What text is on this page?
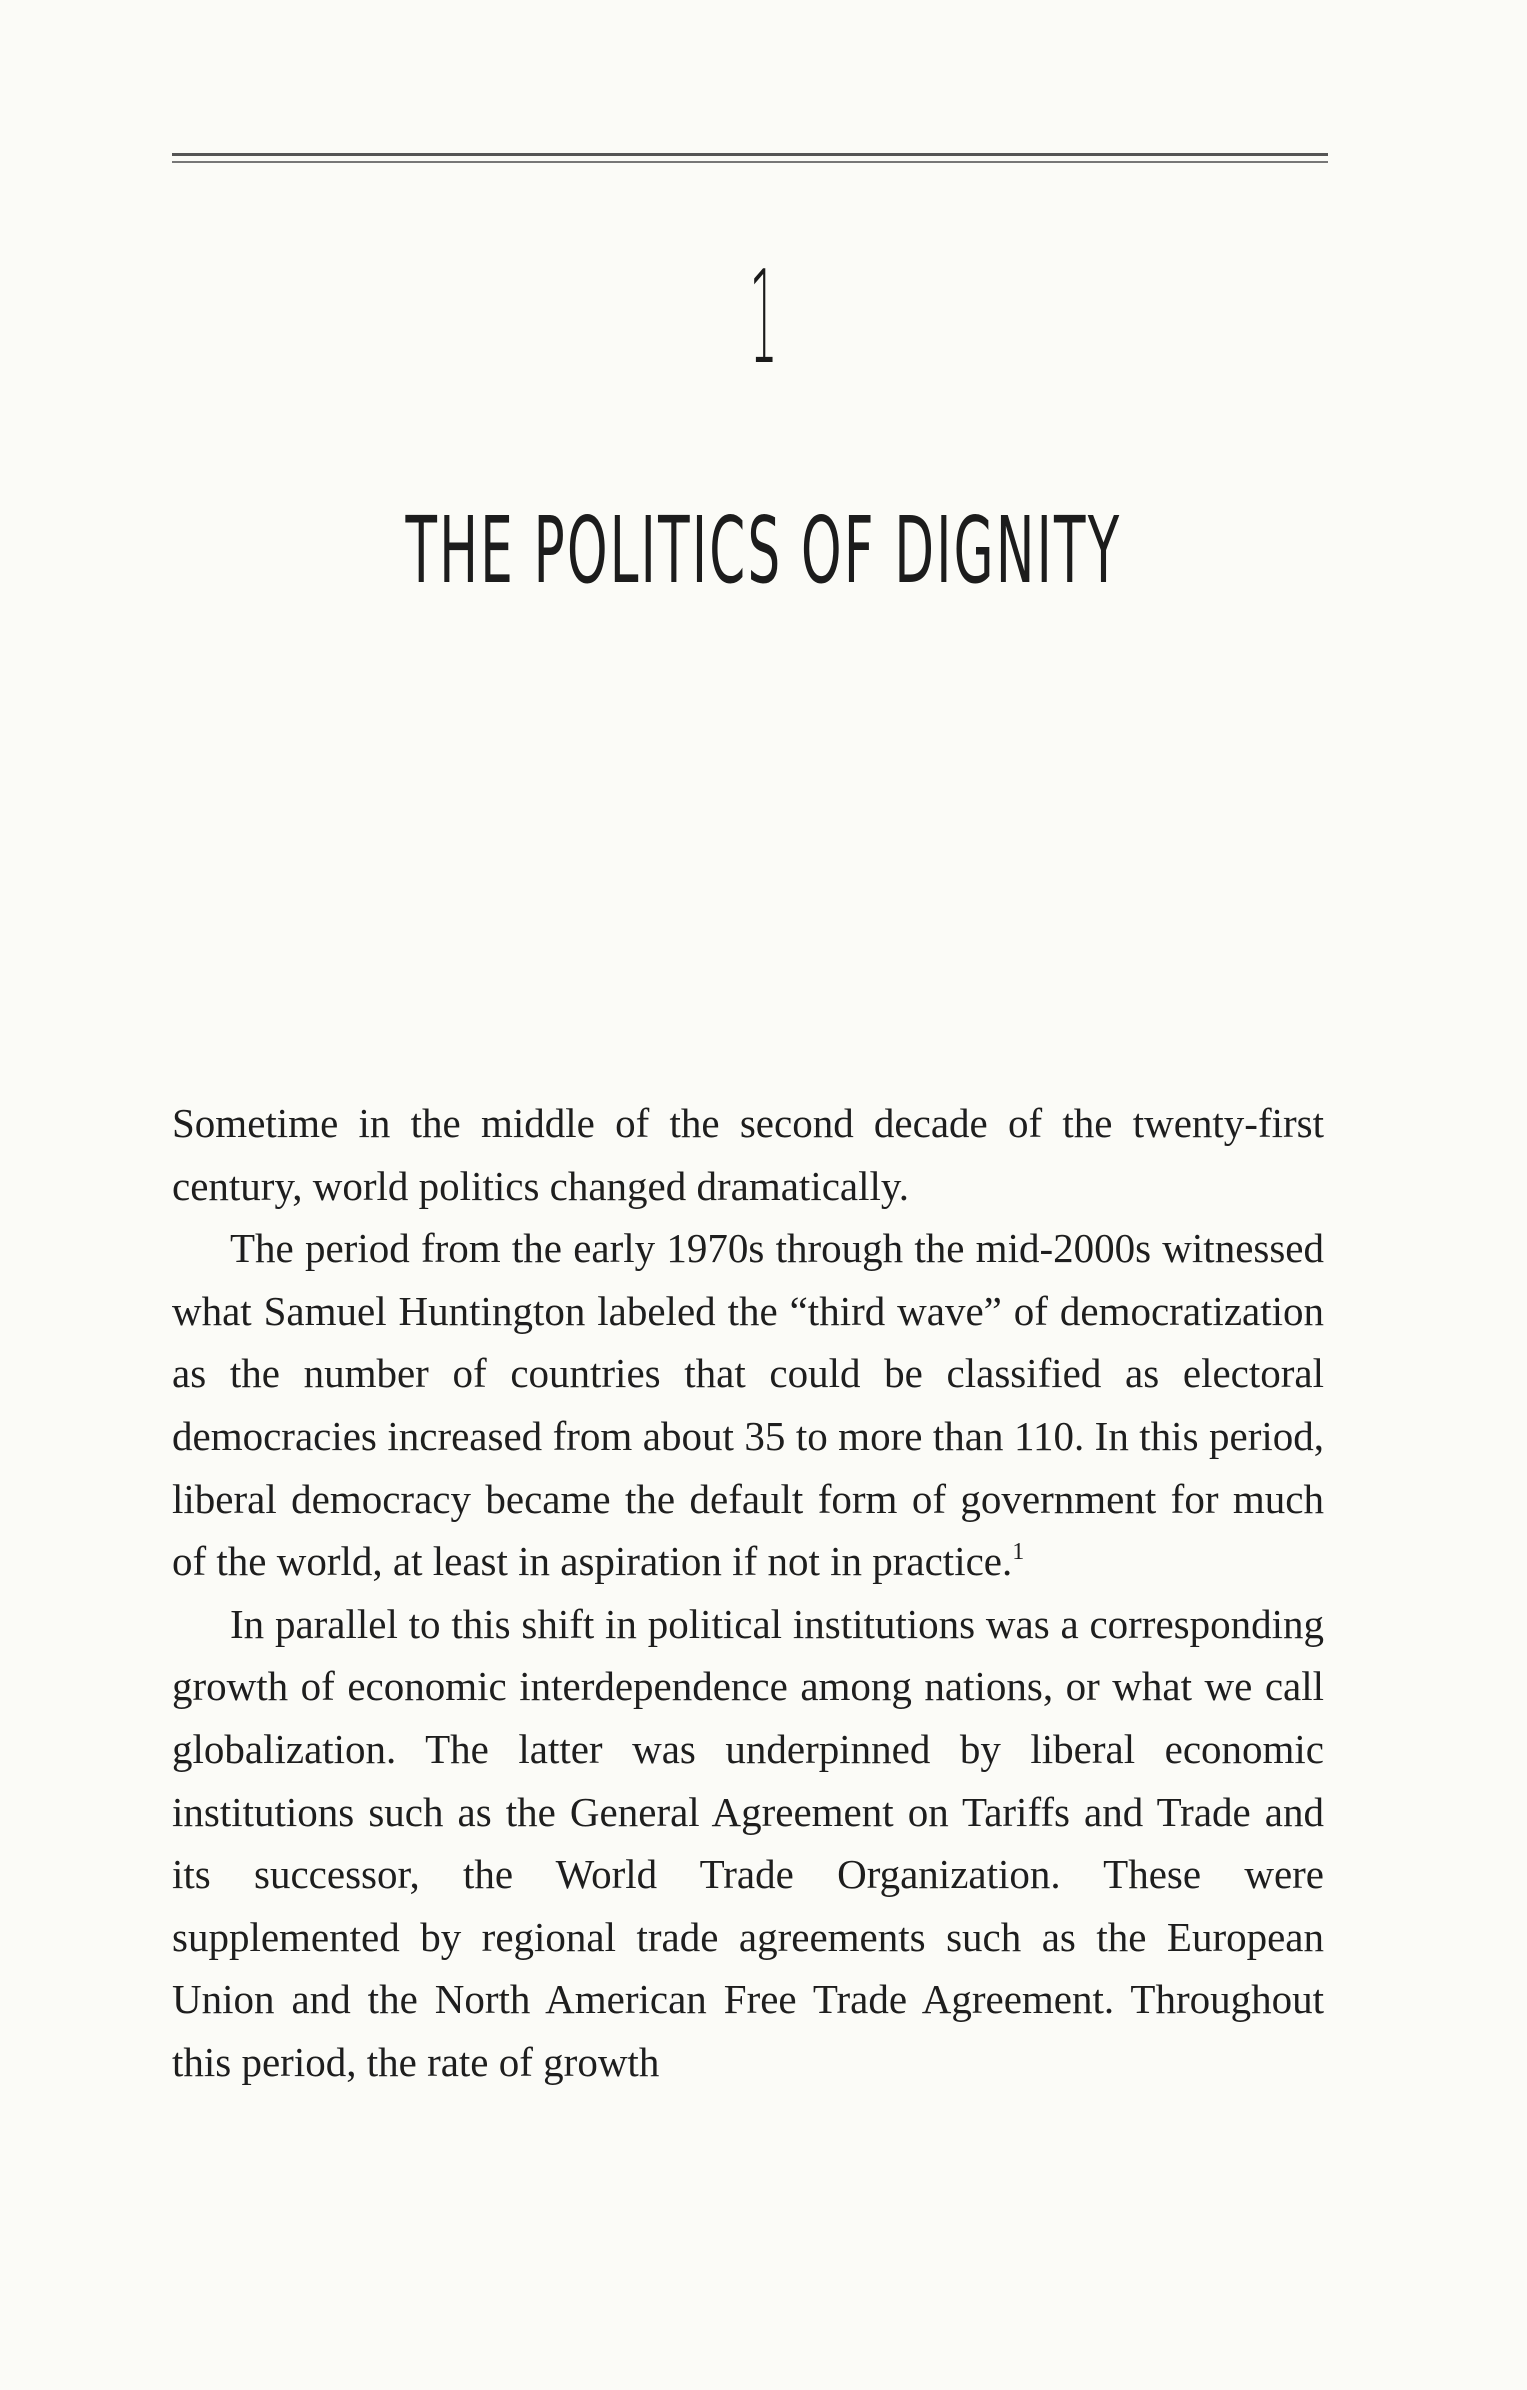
1
THE POLITICS OF DIGNITY

Sometime in the middle of the second decade of the twenty-first century, world politics changed dramatically.

The period from the early 1970s through the mid-2000s witnessed what Samuel Huntington labeled the “third wave” of democratization as the number of countries that could be classified as electoral democracies increased from about 35 to more than 110. In this period, liberal democracy became the default form of government for much of the world, at least in aspiration if not in practice.$^1$

In parallel to this shift in political institutions was a corresponding growth of economic interdependence among nations, or what we call globalization. The latter was underpinned by liberal economic institutions such as the General Agreement on Tariffs and Trade and its successor, the World Trade Organization. These were supplemented by regional trade agreements such as the European Union and the North American Free Trade Agreement. Throughout this period, the rate of growth
